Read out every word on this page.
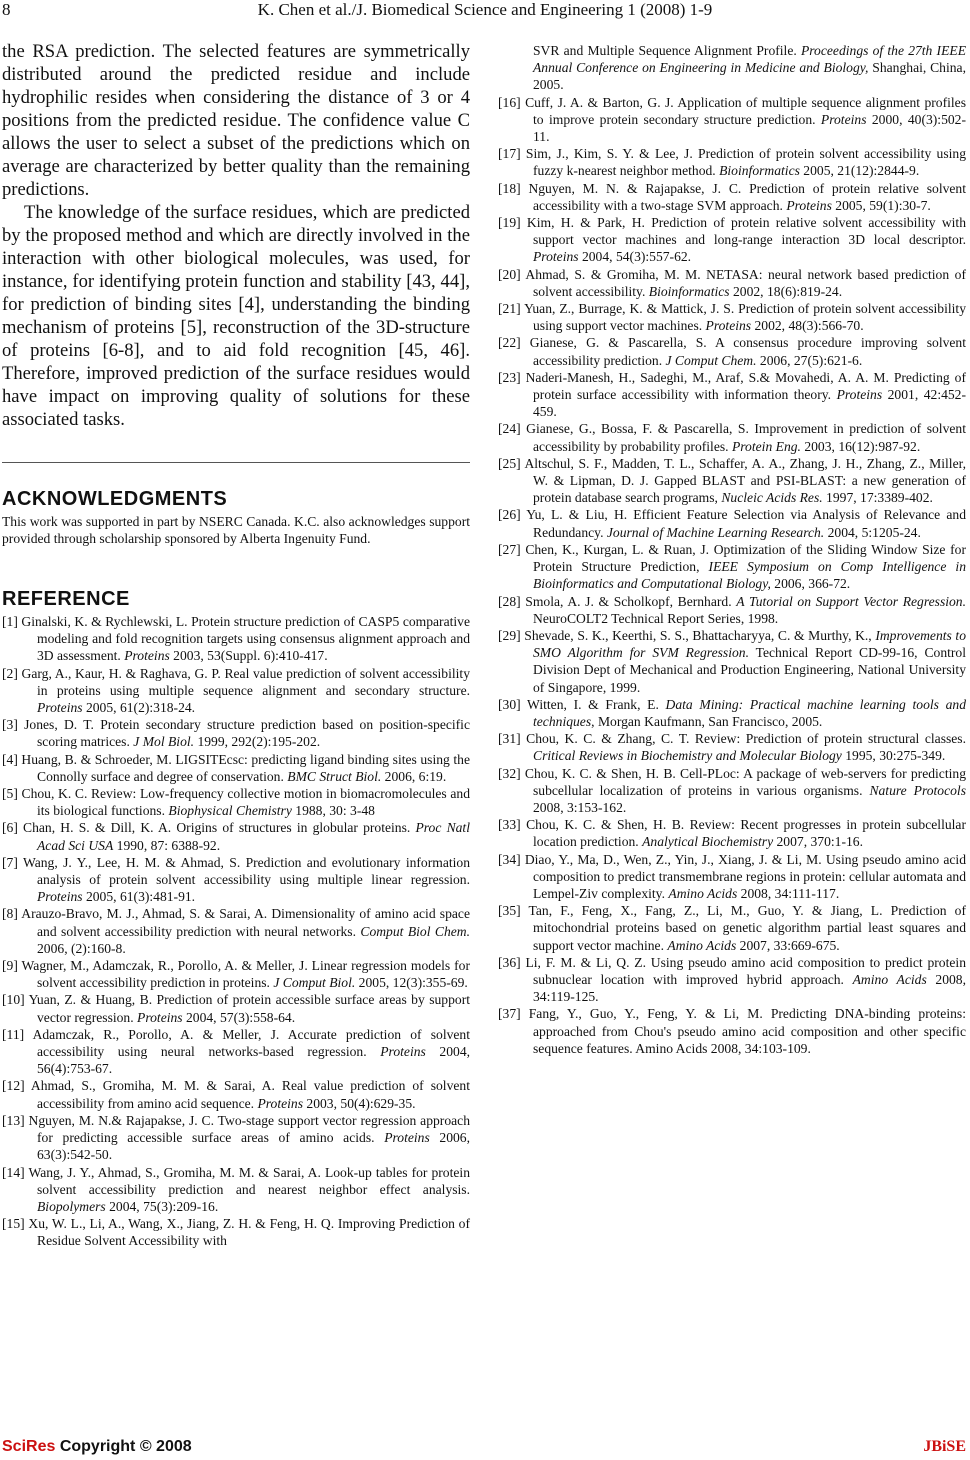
8	K. Chen et al./J. Biomedical Science and Engineering 1 (2008) 1-9

the RSA prediction. The selected features are symmetrically distributed around the predicted residue and include hydrophilic resides when considering the distance of 3 or 4 positions from the predicted residue. The confidence value C allows the user to select a subset of the predictions which on average are characterized by better quality than the remaining predictions.

The knowledge of the surface residues, which are predicted by the proposed method and which are directly involved in the interaction with other biological molecules, was used, for instance, for identifying protein function and stability [43, 44], for prediction of binding sites [4], understanding the binding mechanism of proteins [5], reconstruction of the 3D-structure of proteins [6-8], and to aid fold recognition [45, 46]. Therefore, improved prediction of the surface residues would have impact on improving quality of solutions for these associated tasks.

ACKNOWLEDGMENTS

This work was supported in part by NSERC Canada. K.C. also acknowledges support provided through scholarship sponsored by Alberta Ingenuity Fund.

REFERENCE

[1] Ginalski, K. & Rychlewski, L. Protein structure prediction of CASP5 comparative modeling and fold recognition targets using consensus alignment approach and 3D assessment. Proteins 2003, 53(Suppl. 6):410-417.

[2] Garg, A., Kaur, H. & Raghava, G. P. Real value prediction of solvent accessibility in proteins using multiple sequence alignment and secondary structure. Proteins 2005, 61(2):318-24.

[3] Jones, D. T. Protein secondary structure prediction based on position-specific scoring matrices. J Mol Biol. 1999, 292(2):195-202.

[4] Huang, B. & Schroeder, M. LIGSITEcsc: predicting ligand binding sites using the Connolly surface and degree of conservation. BMC Struct Biol. 2006, 6:19.

[5] Chou, K. C. Review: Low-frequency collective motion in biomacromolecules and its biological functions. Biophysical Chemistry 1988, 30: 3-48

[6] Chan, H. S. & Dill, K. A. Origins of structures in globular proteins. Proc Natl Acad Sci USA 1990, 87: 6388-92.

[7] Wang, J. Y., Lee, H. M. & Ahmad, S. Prediction and evolutionary information analysis of protein solvent accessibility using multiple linear regression. Proteins 2005, 61(3):481-91.

[8] Arauzo-Bravo, M. J., Ahmad, S. & Sarai, A. Dimensionality of amino acid space and solvent accessibility prediction with neural networks. Comput Biol Chem. 2006, (2):160-8.

[9] Wagner, M., Adamczak, R., Porollo, A. & Meller, J. Linear regression models for solvent accessibility prediction in proteins. J Comput Biol. 2005, 12(3):355-69.

[10] Yuan, Z. & Huang, B. Prediction of protein accessible surface areas by support vector regression. Proteins 2004, 57(3):558-64.

[11] Adamczak, R., Porollo, A. & Meller, J. Accurate prediction of solvent accessibility using neural networks-based regression. Proteins 2004, 56(4):753-67.

[12] Ahmad, S., Gromiha, M. M. & Sarai, A. Real value prediction of solvent accessibility from amino acid sequence. Proteins 2003, 50(4):629-35.

[13] Nguyen, M. N.& Rajapakse, J. C. Two-stage support vector regression approach for predicting accessible surface areas of amino acids. Proteins 2006, 63(3):542-50.

[14] Wang, J. Y., Ahmad, S., Gromiha, M. M. & Sarai, A. Look-up tables for protein solvent accessibility prediction and nearest neighbor effect analysis. Biopolymers 2004, 75(3):209-16.

[15] Xu, W. L., Li, A., Wang, X., Jiang, Z. H. & Feng, H. Q. Improving Prediction of Residue Solvent Accessibility with

SVR and Multiple Sequence Alignment Profile. Proceedings of the 27th IEEE Annual Conference on Engineering in Medicine and Biology, Shanghai, China, 2005.

[16] Cuff, J. A. & Barton, G. J. Application of multiple sequence alignment profiles to improve protein secondary structure prediction. Proteins 2000, 40(3):502-11.

[17] Sim, J., Kim, S. Y. & Lee, J. Prediction of protein solvent accessibility using fuzzy k-nearest neighbor method. Bioinformatics 2005, 21(12):2844-9.

[18] Nguyen, M. N. & Rajapakse, J. C. Prediction of protein relative solvent accessibility with a two-stage SVM approach. Proteins 2005, 59(1):30-7.

[19] Kim, H. & Park, H. Prediction of protein relative solvent accessibility with support vector machines and long-range interaction 3D local descriptor. Proteins 2004, 54(3):557-62.

[20] Ahmad, S. & Gromiha, M. M. NETASA: neural network based prediction of solvent accessibility. Bioinformatics 2002, 18(6):819-24.

[21] Yuan, Z., Burrage, K. & Mattick, J. S. Prediction of protein solvent accessibility using support vector machines. Proteins 2002, 48(3):566-70.

[22] Gianese, G. & Pascarella, S. A consensus procedure improving solvent accessibility prediction. J Comput Chem. 2006, 27(5):621-6.

[23] Naderi-Manesh, H., Sadeghi, M., Araf, S.& Movahedi, A. A. M. Predicting of protein surface accessibility with information theory. Proteins 2001, 42:452-459.

[24] Gianese, G., Bossa, F. & Pascarella, S. Improvement in prediction of solvent accessibility by probability profiles. Protein Eng. 2003, 16(12):987-92.

[25] Altschul, S. F., Madden, T. L., Schaffer, A. A., Zhang, J. H., Zhang, Z., Miller, W. & Lipman, D. J. Gapped BLAST and PSI-BLAST: a new generation of protein database search programs, Nucleic Acids Res. 1997, 17:3389-402.

[26] Yu, L. & Liu, H. Efficient Feature Selection via Analysis of Relevance and Redundancy. Journal of Machine Learning Research. 2004, 5:1205-24.

[27] Chen, K., Kurgan, L. & Ruan, J. Optimization of the Sliding Window Size for Protein Structure Prediction, IEEE Symposium on Comp Intelligence in Bioinformatics and Computational Biology, 2006, 366-72.

[28] Smola, A. J. & Scholkopf, Bernhard. A Tutorial on Support Vector Regression. NeuroCOLT2 Technical Report Series, 1998.

[29] Shevade, S. K., Keerthi, S. S., Bhattacharyya, C. & Murthy, K., Improvements to SMO Algorithm for SVM Regression. Technical Report CD-99-16, Control Division Dept of Mechanical and Production Engineering, National University of Singapore, 1999.

[30] Witten, I. & Frank, E. Data Mining: Practical machine learning tools and techniques, Morgan Kaufmann, San Francisco, 2005.

[31] Chou, K. C. & Zhang, C. T. Review: Prediction of protein structural classes. Critical Reviews in Biochemistry and Molecular Biology 1995, 30:275-349.

[32] Chou, K. C. & Shen, H. B. Cell-PLoc: A package of web-servers for predicting subcellular localization of proteins in various organisms. Nature Protocols 2008, 3:153-162.

[33] Chou, K. C. & Shen, H. B. Review: Recent progresses in protein subcellular location prediction. Analytical Biochemistry 2007, 370:1-16.

[34] Diao, Y., Ma, D., Wen, Z., Yin, J., Xiang, J. & Li, M. Using pseudo amino acid composition to predict transmembrane regions in protein: cellular automata and Lempel-Ziv complexity. Amino Acids 2008, 34:111-117.

[35] Tan, F., Feng, X., Fang, Z., Li, M., Guo, Y. & Jiang, L. Prediction of mitochondrial proteins based on genetic algorithm partial least squares and support vector machine. Amino Acids 2007, 33:669-675.

[36] Li, F. M. & Li, Q. Z. Using pseudo amino acid composition to predict protein subnuclear location with improved hybrid approach. Amino Acids 2008, 34:119-125.

[37] Fang, Y., Guo, Y., Feng, Y. & Li, M. Predicting DNA-binding proteins: approached from Chou's pseudo amino acid composition and other specific sequence features. Amino Acids 2008, 34:103-109.

SciRes Copyright © 2008	JBiSE
